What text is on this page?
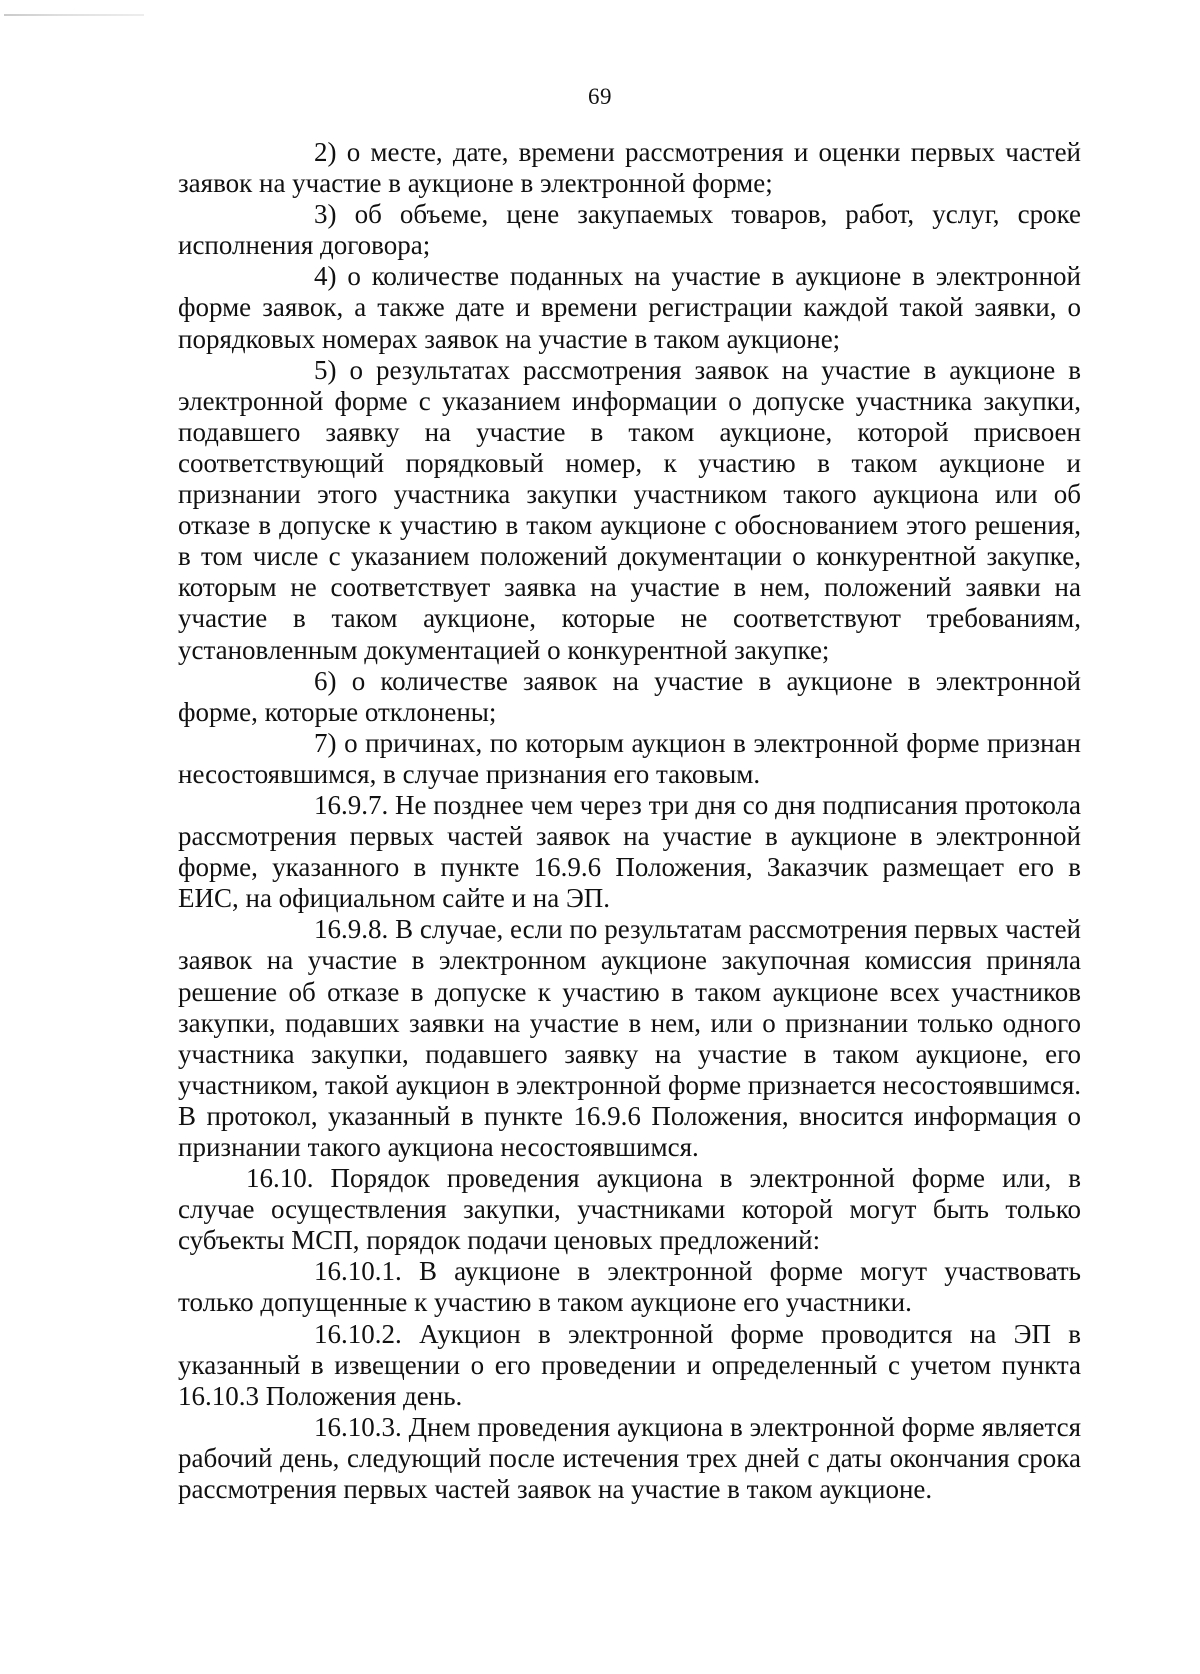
69

2) о месте, дате, времени рассмотрения и оценки первых частей заявок на участие в аукционе в электронной форме;

3) об объеме, цене закупаемых товаров, работ, услуг, сроке исполнения договора;

4) о количестве поданных на участие в аукционе в электронной форме заявок, а также дате и времени регистрации каждой такой заявки, о порядковых номерах заявок на участие в таком аукционе;

5) о результатах рассмотрения заявок на участие в аукционе в электронной форме с указанием информации о допуске участника закупки, подавшего заявку на участие в таком аукционе, которой присвоен соответствующий порядковый номер, к участию в таком аукционе и признании этого участника закупки участником такого аукциона или об отказе в допуске к участию в таком аукционе с обоснованием этого решения, в том числе с указанием положений документации о конкурентной закупке, которым не соответствует заявка на участие в нем, положений заявки на участие в таком аукционе, которые не соответствуют требованиям, установленным документацией о конкурентной закупке;

6) о количестве заявок на участие в аукционе в электронной форме, которые отклонены;

7) о причинах, по которым аукцион в электронной форме признан несостоявшимся, в случае признания его таковым.

16.9.7. Не позднее чем через три дня со дня подписания протокола рассмотрения первых частей заявок на участие в аукционе в электронной форме, указанного в пункте 16.9.6 Положения, Заказчик размещает его в ЕИС, на официальном сайте и на ЭП.

16.9.8. В случае, если по результатам рассмотрения первых частей заявок на участие в электронном аукционе закупочная комиссия приняла решение об отказе в допуске к участию в таком аукционе всех участников закупки, подавших заявки на участие в нем, или о признании только одного участника закупки, подавшего заявку на участие в таком аукционе, его участником, такой аукцион в электронной форме признается несостоявшимся. В протокол, указанный в пункте 16.9.6 Положения, вносится информация о признании такого аукциона несостоявшимся.

16.10. Порядок проведения аукциона в электронной форме или, в случае осуществления закупки, участниками которой могут быть только субъекты МСП, порядок подачи ценовых предложений:

16.10.1. В аукционе в электронной форме могут участвовать только допущенные к участию в таком аукционе его участники.

16.10.2. Аукцион в электронной форме проводится на ЭП в указанный в извещении о его проведении и определенный с учетом пункта 16.10.3 Положения день.

16.10.3. Днем проведения аукциона в электронной форме является рабочий день, следующий после истечения трех дней с даты окончания срока рассмотрения первых частей заявок на участие в таком аукционе.
